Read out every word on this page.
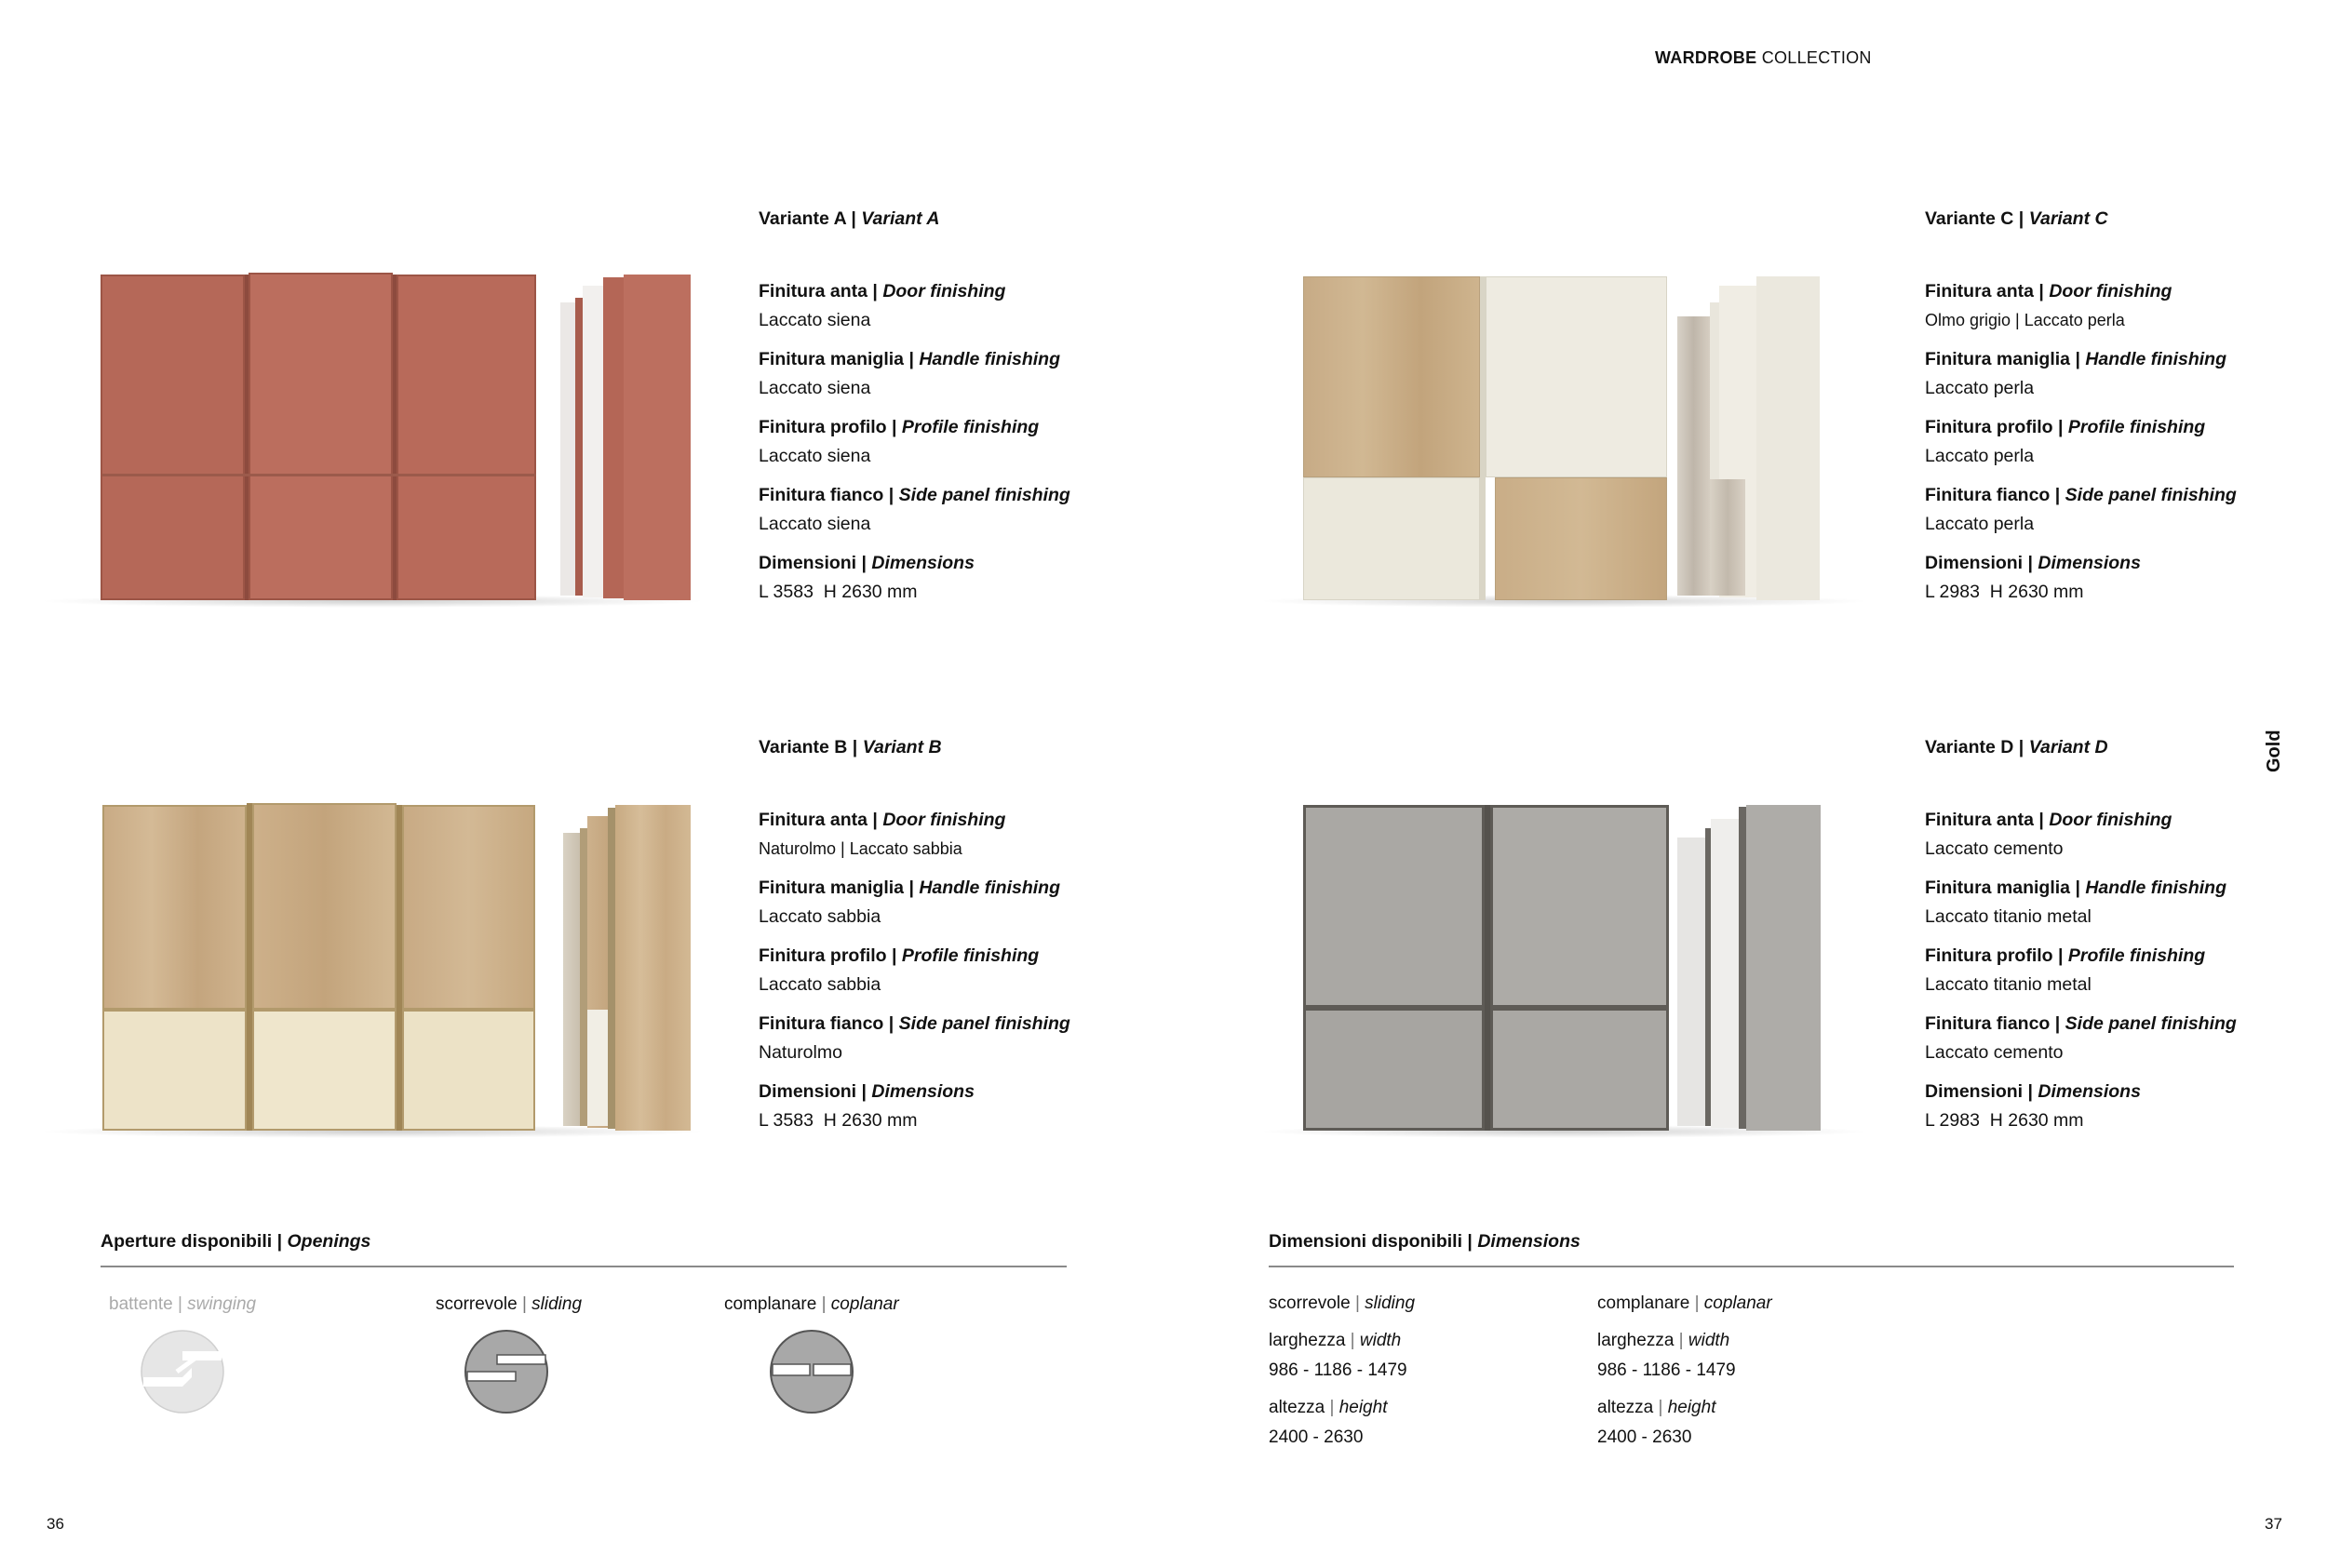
WARDROBE COLLECTION
Variante A | Variant A
Finitura anta | Door finishing
Laccato siena
Finitura maniglia | Handle finishing
Laccato siena
Finitura profilo | Profile finishing
Laccato siena
Finitura fianco | Side panel finishing
Laccato siena
Dimensioni | Dimensions
L 3583  H 2630 mm
Variante C | Variant C
Finitura anta | Door finishing
Olmo grigio | Laccato perla
Finitura maniglia | Handle finishing
Laccato perla
Finitura profilo | Profile finishing
Laccato perla
Finitura fianco | Side panel finishing
Laccato perla
Dimensioni | Dimensions
L 2983  H 2630 mm
Variante B | Variant B
Finitura anta | Door finishing
Naturolmo | Laccato sabbia
Finitura maniglia | Handle finishing
Laccato sabbia
Finitura profilo | Profile finishing
Laccato sabbia
Finitura fianco | Side panel finishing
Naturolmo
Dimensioni | Dimensions
L 3583  H 2630 mm
Variante D | Variant D
Finitura anta | Door finishing
Laccato cemento
Finitura maniglia | Handle finishing
Laccato titanio metal
Finitura profilo | Profile finishing
Laccato titanio metal
Finitura fianco | Side panel finishing
Laccato cemento
Dimensioni | Dimensions
L 2983  H 2630 mm
Gold
Aperture disponibili | Openings
battente | swinging	scorrevole | sliding	complanare | coplanar
Dimensioni disponibili | Dimensions
scorrevole | sliding
larghezza | width
986 - 1186 - 1479
altezza | height
2400 - 2630
complanare | coplanar
larghezza | width
986 - 1186 - 1479
altezza | height
2400 - 2630
36	37
